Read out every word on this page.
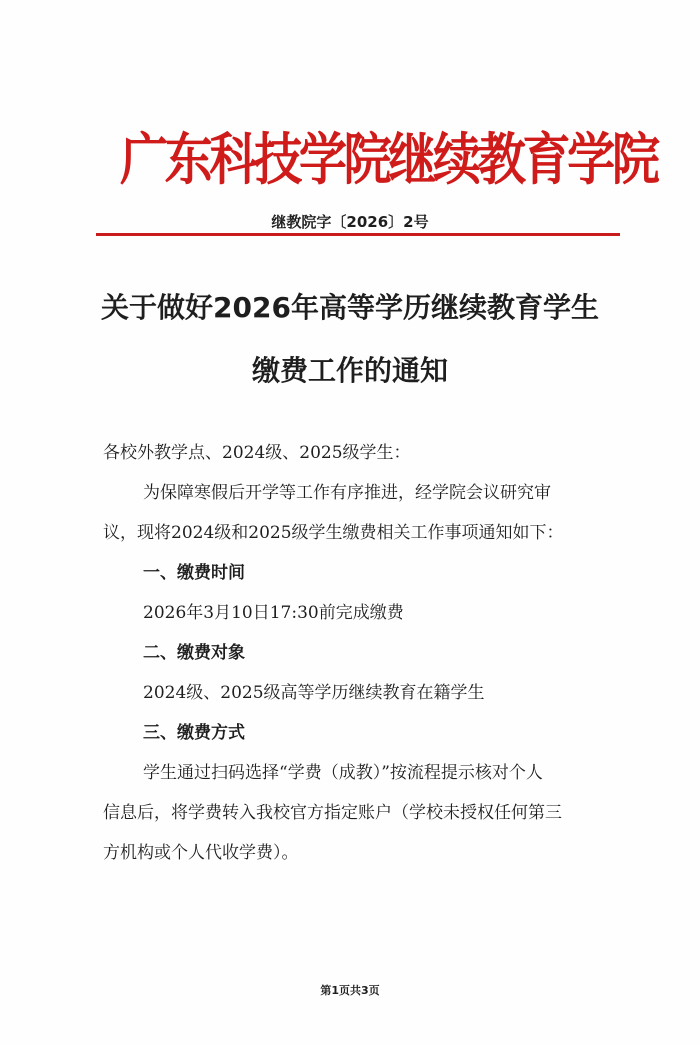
广东科技学院继续教育学院
继教院字〔2026〕2号
关于做好2026年高等学历继续教育学生
缴费工作的通知
各校外教学点、2024级、2025级学生：
为保障寒假后开学等工作有序推进，经学院会议研究审
议，现将2024级和2025级学生缴费相关工作事项通知如下：
一、缴费时间
2026年3月10日17:30前完成缴费
二、缴费对象
2024级、2025级高等学历继续教育在籍学生
三、缴费方式
学生通过扫码选择“学费（成教）”按流程提示核对个人
信息后，将学费转入我校官方指定账户（学校未授权任何第三
方机构或个人代收学费）。
第1页共3页
